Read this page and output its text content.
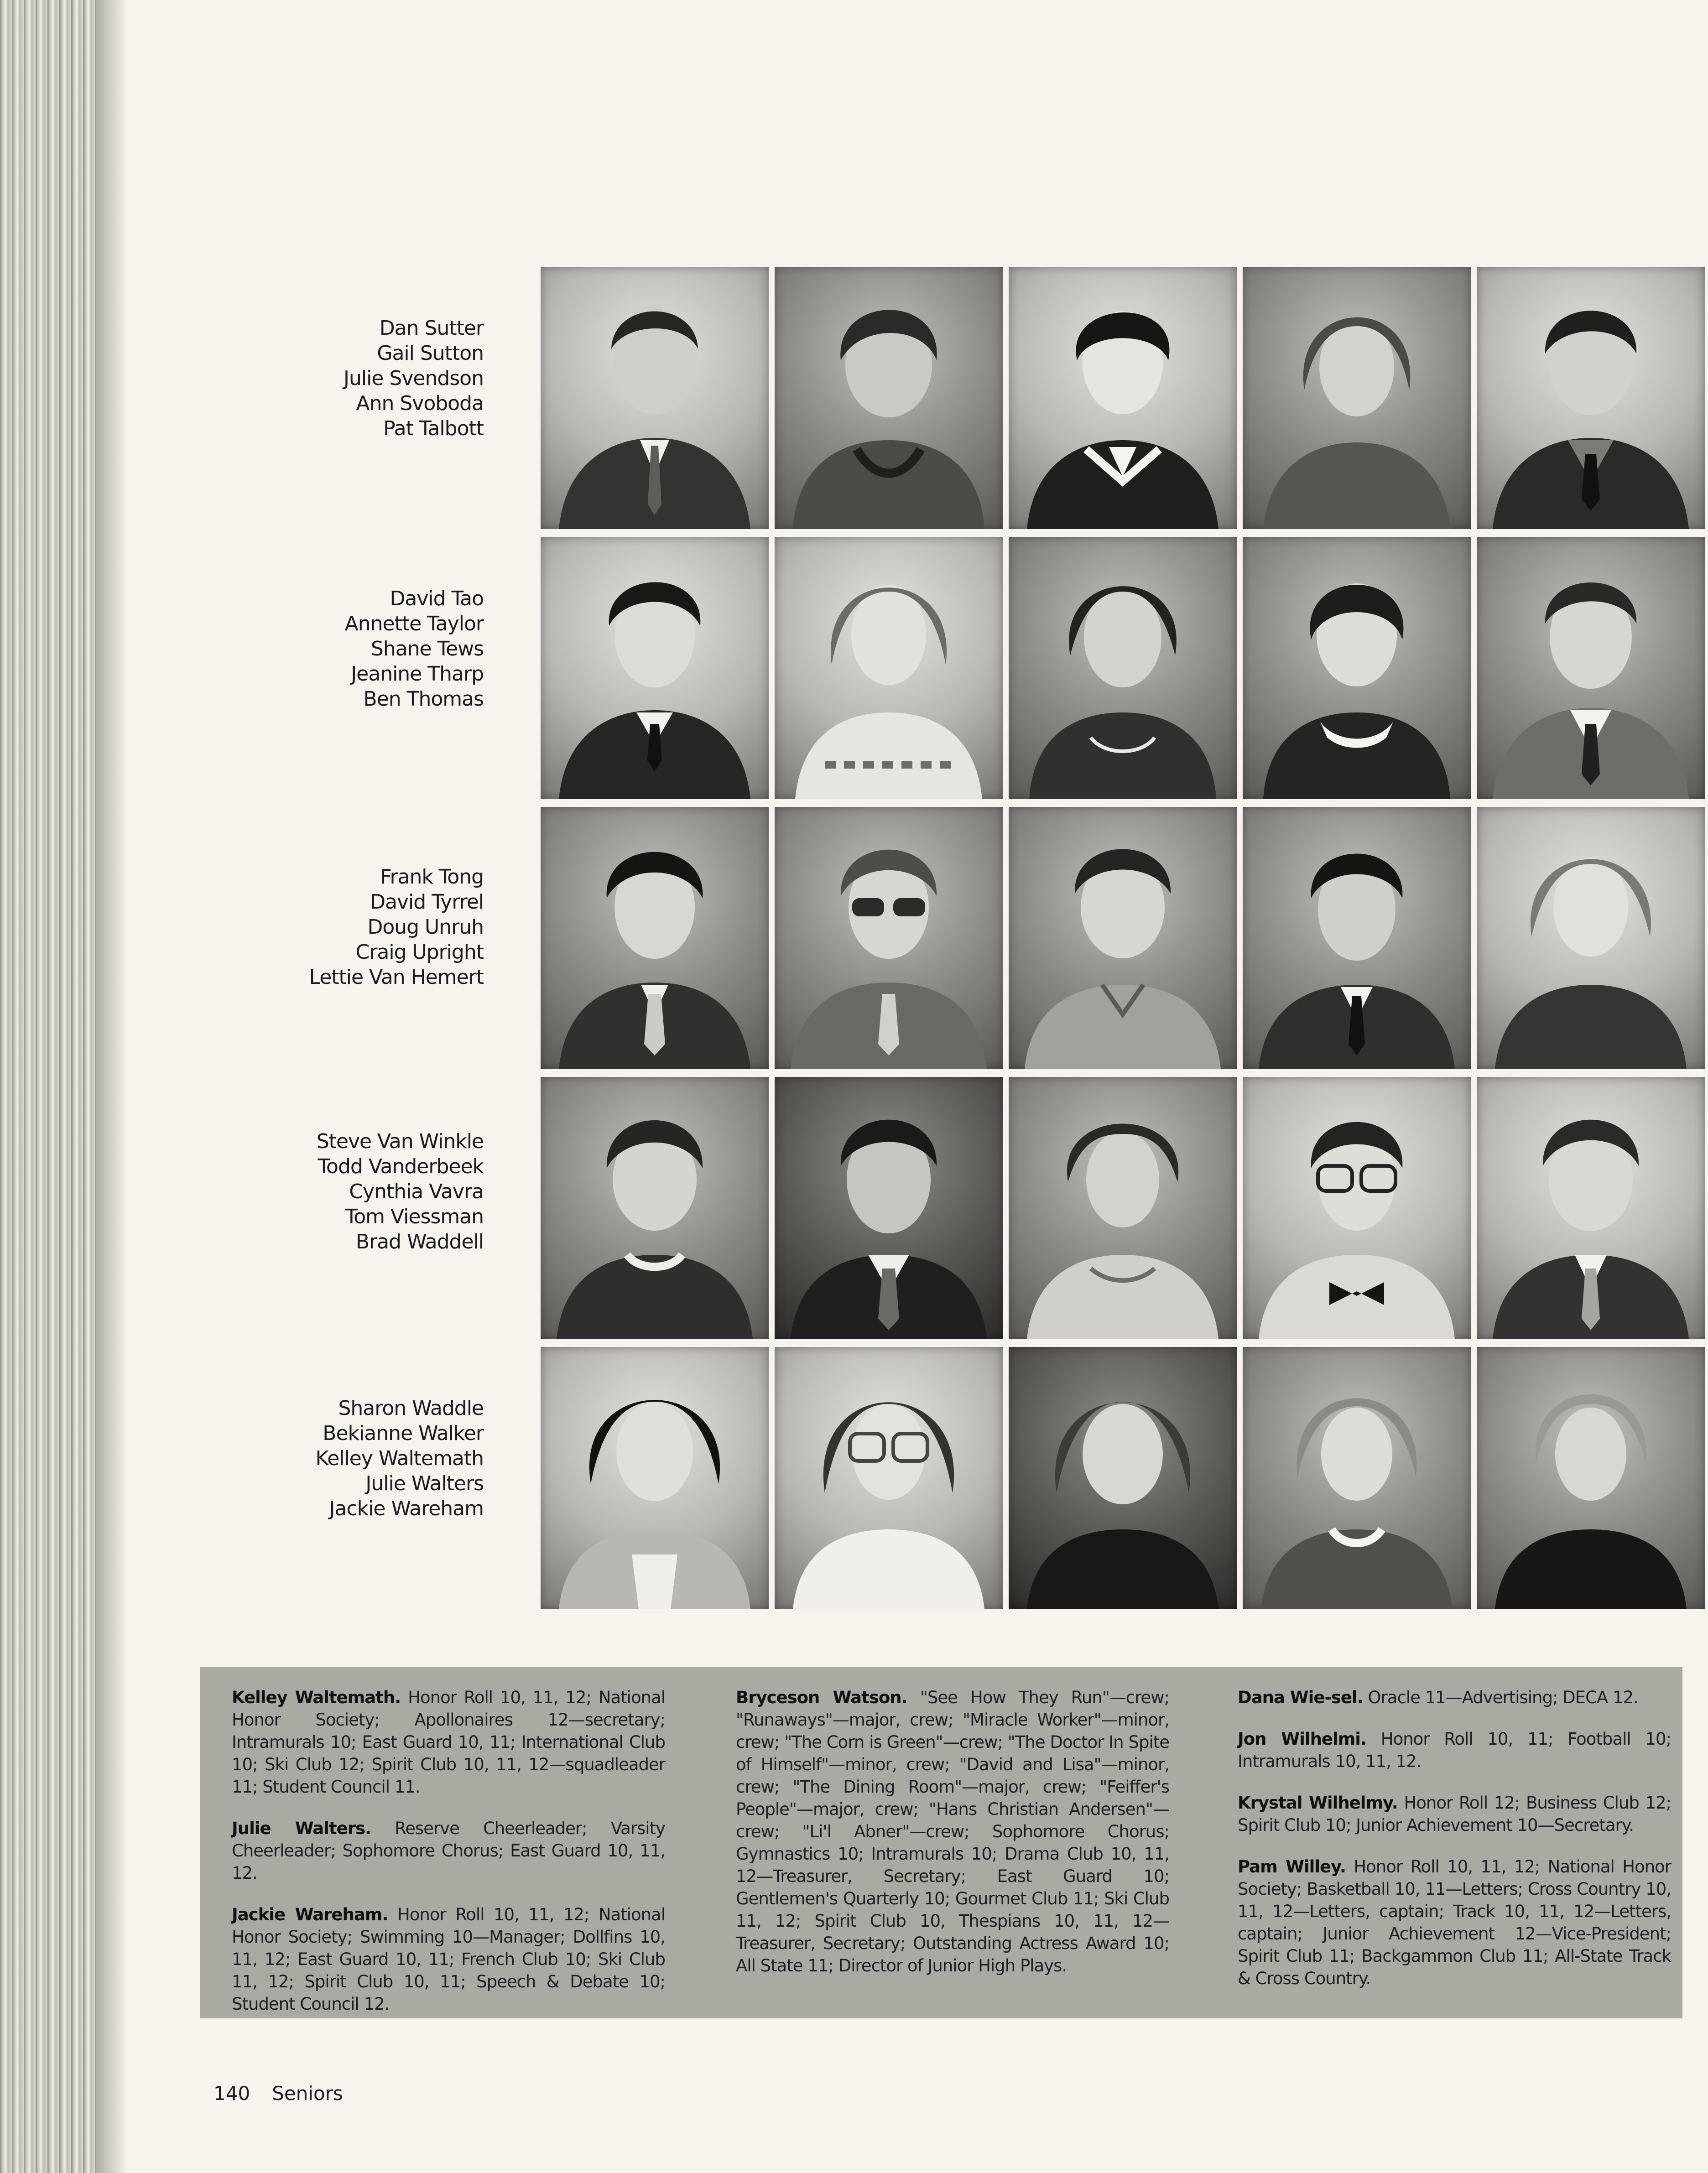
Dan Sutter
Gail Sutton
Julie Svendson
Ann Svoboda
Pat Talbott
David Tao
Annette Taylor
Shane Tews
Jeanine Tharp
Ben Thomas
Frank Tong
David Tyrrel
Doug Unruh
Craig Upright
Lettie Van Hemert
Steve Van Winkle
Todd Vanderbeek
Cynthia Vavra
Tom Viessman
Brad Waddell
Sharon Waddle
Bekianne Walker
Kelley Waltemath
Julie Walters
Jackie Wareham

Kelley Waltemath. Honor Roll 10, 11, 12; National Honor Society; Apollonaires 12—secretary; Intramurals 10; East Guard 10, 11; International Club 10; Ski Club 12; Spirit Club 10, 11, 12—squadleader 11; Student Council 11.

Julie Walters. Reserve Cheerleader; Varsity Cheerleader; Sophomore Chorus; East Guard 10, 11, 12.

Jackie Wareham. Honor Roll 10, 11, 12; National Honor Society; Swimming 10—Manager; Dollfins 10, 11, 12; East Guard 10, 11; French Club 10; Ski Club 11, 12; Spirit Club 10, 11; Speech & Debate 10; Student Council 12.

Bryceson Watson. "See How They Run"—crew; "Runaways"—major, crew; "Miracle Worker"—minor, crew; "The Corn is Green"—crew; "The Doctor In Spite of Himself"—minor, crew; "David and Lisa"—minor, crew; "The Dining Room"—major, crew; "Feiffer's People"—major, crew; "Hans Christian Andersen"—crew; "Li'l Abner"—crew; Sophomore Chorus; Gymnastics 10; Intramurals 10; Drama Club 10, 11, 12—Treasurer, Secretary; East Guard 10; Gentlemen's Quarterly 10; Gourmet Club 11; Ski Club 11, 12; Spirit Club 10, Thespians 10, 11, 12—Treasurer, Secretary; Outstanding Actress Award 10; All State 11; Director of Junior High Plays.

Dana Wie-sel. Oracle 11—Advertising; DECA 12.

Jon Wilhelmi. Honor Roll 10, 11; Football 10; Intramurals 10, 11, 12.

Krystal Wilhelmy. Honor Roll 12; Business Club 12; Spirit Club 10; Junior Achievement 10—Secretary.

Pam Willey. Honor Roll 10, 11, 12; National Honor Society; Basketball 10, 11—Letters; Cross Country 10, 11, 12—Letters, captain; Track 10, 11, 12—Letters, captain; Junior Achievement 12—Vice-President; Spirit Club 11; Backgammon Club 11; All-State Track & Cross Country.

140 Seniors
